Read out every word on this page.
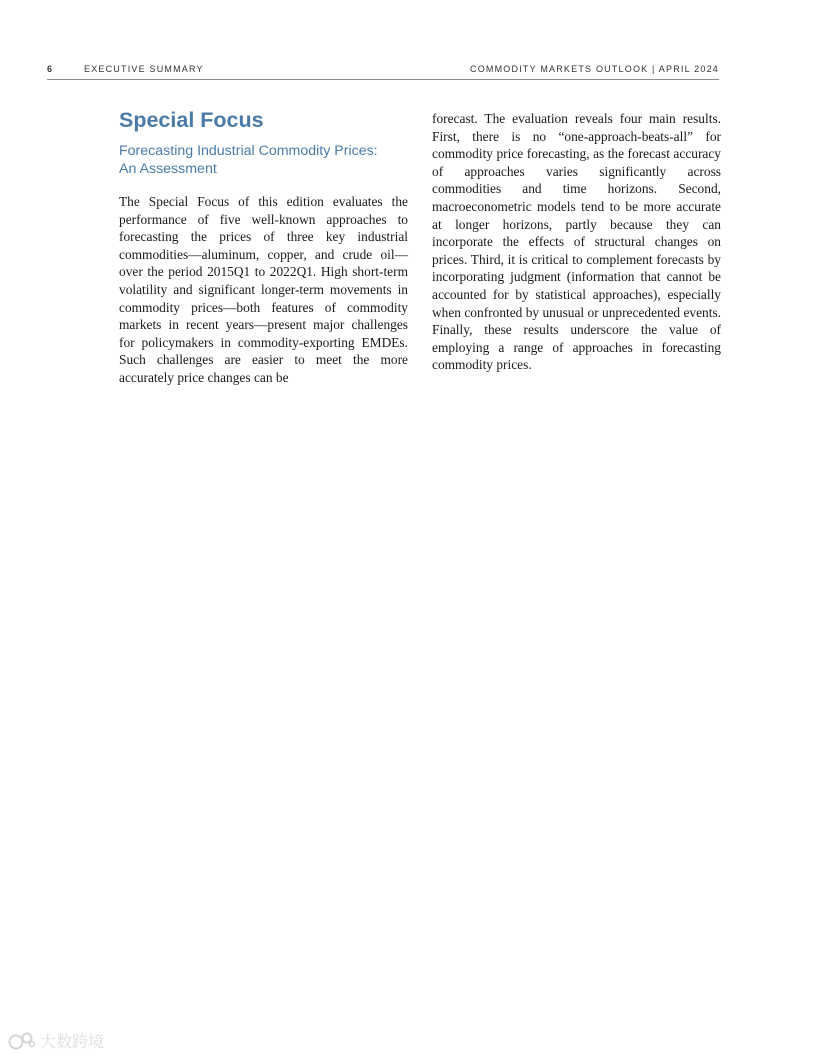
6	EXECUTIVE SUMMARY	COMMODITY MARKETS OUTLOOK | APRIL 2024
Special Focus
Forecasting Industrial Commodity Prices:
An Assessment

The Special Focus of this edition evaluates the performance of five well-known approaches to forecasting the prices of three key industrial commodities—aluminum, copper, and crude oil—over the period 2015Q1 to 2022Q1. High short-term volatility and significant longer-term movements in commodity prices—both features of commodity markets in recent years—present major challenges for policymakers in commodity-exporting EMDEs. Such challenges are easier to meet the more accurately price changes can be

forecast. The evaluation reveals four main results. First, there is no “one-approach-beats-all” for commodity price forecasting, as the forecast accuracy of approaches varies significantly across commodities and time horizons. Second, macroeconometric models tend to be more accurate at longer horizons, partly because they can incorporate the effects of structural changes on prices. Third, it is critical to complement forecasts by incorporating judgment (information that cannot be accounted for by statistical approaches), especially when confronted by unusual or unprecedented events. Finally, these results underscore the value of employing a range of approaches in forecasting commodity prices.

大数跨境
